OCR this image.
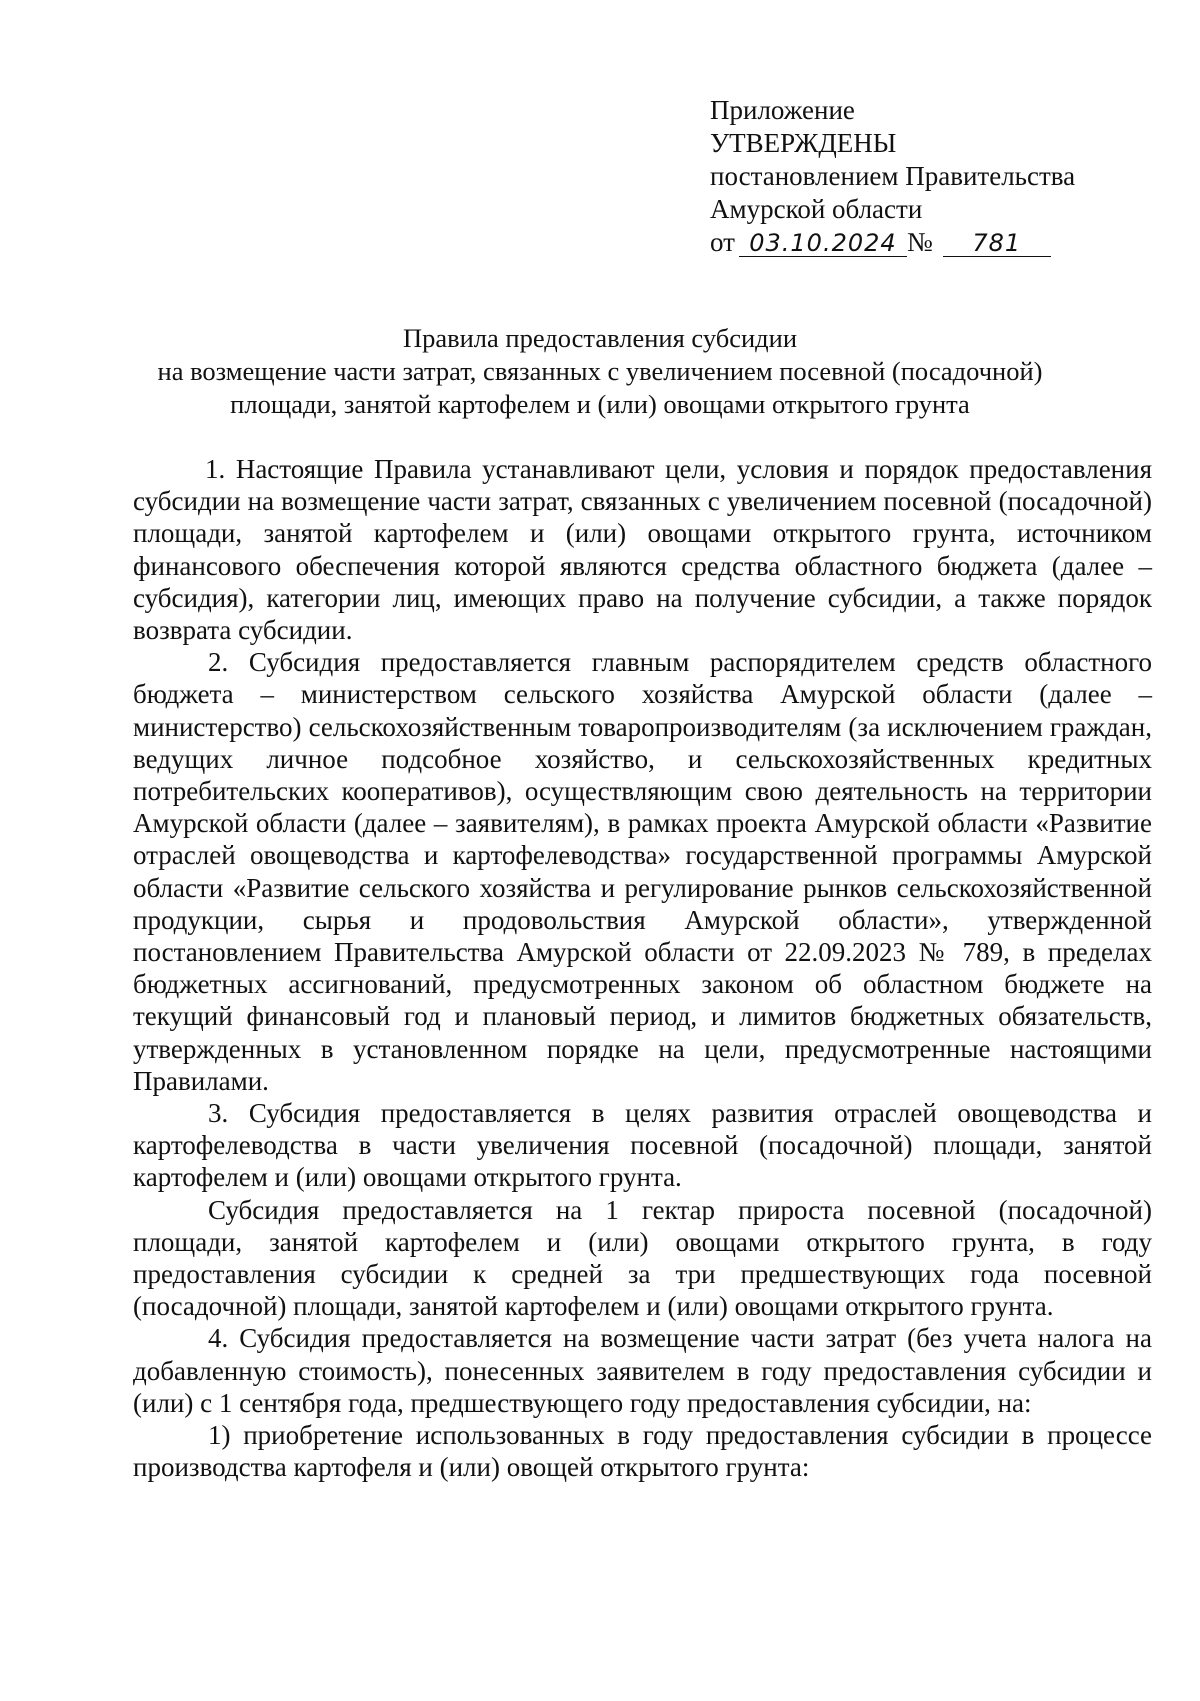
Приложение
УТВЕРЖДЕНЫ
постановлением Правительства
Амурской области
от 03.10.2024 № 781
Правила предоставления субсидии
на возмещение части затрат, связанных с увеличением посевной (посадочной)
площади, занятой картофелем и (или) овощами открытого грунта

1. Настоящие Правила устанавливают цели, условия и порядок предоставления субсидии на возмещение части затрат, связанных с увеличением посевной (посадочной) площади, занятой картофелем и (или) овощами открытого грунта, источником финансового обеспечения которой являются средства областного бюджета (далее – субсидия), категории лиц, имеющих право на получение субсидии, а также порядок возврата субсидии.

2. Субсидия предоставляется главным распорядителем средств областного бюджета – министерством сельского хозяйства Амурской области (далее – министерство) сельскохозяйственным товаропроизводителям (за исключением граждан, ведущих личное подсобное хозяйство, и сельскохозяйственных кредитных потребительских кооперативов), осуществляющим свою деятельность на территории Амурской области (далее – заявителям), в рамках проекта Амурской области «Развитие отраслей овощеводства и картофелеводства» государственной программы Амурской области «Развитие сельского хозяйства и регулирование рынков сельскохозяйственной продукции, сырья и продовольствия Амурской области», утвержденной постановлением Правительства Амурской области от 22.09.2023 № 789, в пределах бюджетных ассигнований, предусмотренных законом об областном бюджете на текущий финансовый год и плановый период, и лимитов бюджетных обязательств, утвержденных в установленном порядке на цели, предусмотренные настоящими Правилами.

3. Субсидия предоставляется в целях развития отраслей овощеводства и картофелеводства в части увеличения посевной (посадочной) площади, занятой картофелем и (или) овощами открытого грунта.

Субсидия предоставляется на 1 гектар прироста посевной (посадочной) площади, занятой картофелем и (или) овощами открытого грунта, в году предоставления субсидии к средней за три предшествующих года посевной (посадочной) площади, занятой картофелем и (или) овощами открытого грунта.

4. Субсидия предоставляется на возмещение части затрат (без учета налога на добавленную стоимость), понесенных заявителем в году предоставления субсидии и (или) с 1 сентября года, предшествующего году предоставления субсидии, на:

1) приобретение использованных в году предоставления субсидии в процессе производства картофеля и (или) овощей открытого грунта:
